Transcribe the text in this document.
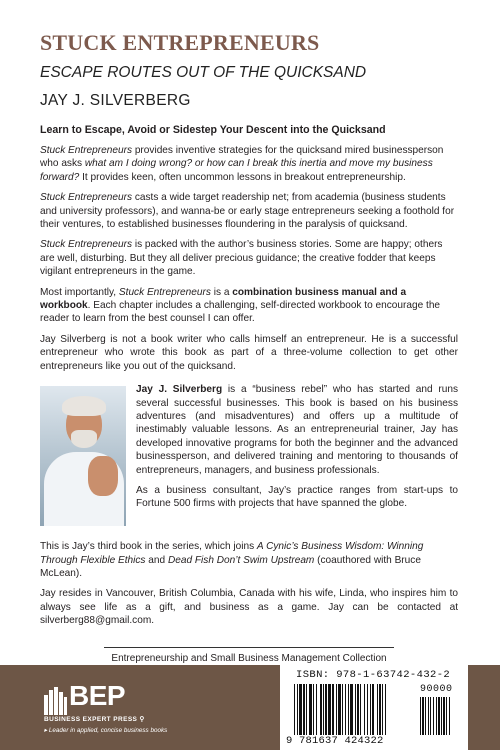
STUCK ENTREPRENEURS
ESCAPE ROUTES OUT OF THE QUICKSAND
JAY J. SILVERBERG
Learn to Escape, Avoid or Sidestep Your Descent into the Quicksand

Stuck Entrepreneurs provides inventive strategies for the quicksand mired businessperson who asks what am I doing wrong? or how can I break this inertia and move my business forward? It provides keen, often uncommon lessons in breakout entrepreneurship.

Stuck Entrepreneurs casts a wide target readership net; from academia (business students and university professors), and wanna-be or early stage entrepreneurs seeking a foothold for their ventures, to established businesses floundering in the paralysis of quicksand.

Stuck Entrepreneurs is packed with the author’s business stories. Some are happy; others are well, disturbing. But they all deliver precious guidance; the creative fodder that keeps vigilant entrepreneurs in the game.

Most importantly, Stuck Entrepreneurs is a combination business manual and a workbook. Each chapter includes a challenging, self-directed workbook to encourage the reader to learn from the best counsel I can offer.

Jay Silverberg is not a book writer who calls himself an entrepreneur. He is a successful entrepreneur who wrote this book as part of a three-volume collection to get other entrepreneurs like you out of the quicksand.

Jay J. Silverberg is a “business rebel” who has started and runs several successful businesses. This book is based on his business adventures (and misadventures) and offers up a multitude of inestimably valuable lessons. As an entrepreneurial trainer, Jay has developed innovative programs for both the beginner and the advanced businessperson, and delivered training and mentoring to thousands of entrepreneurs, managers, and business professionals.

As a business consultant, Jay’s practice ranges from start-ups to Fortune 500 firms with projects that have spanned the globe.

This is Jay’s third book in the series, which joins A Cynic’s Business Wisdom: Winning Through Flexible Ethics and Dead Fish Don’t Swim Upstream (coauthored with Bruce McLean).

Jay resides in Vancouver, British Columbia, Canada with his wife, Linda, who inspires him to always see life as a gift, and business as a game. Jay can be contacted at silverberg88@gmail.com.

Entrepreneurship and Small Business Management Collection
BEP
BUSINESS EXPERT PRESS ⚲
▸ Leader in applied, concise business books
ISBN: 978-1-63742-432-2
90000
9 781637 424322
